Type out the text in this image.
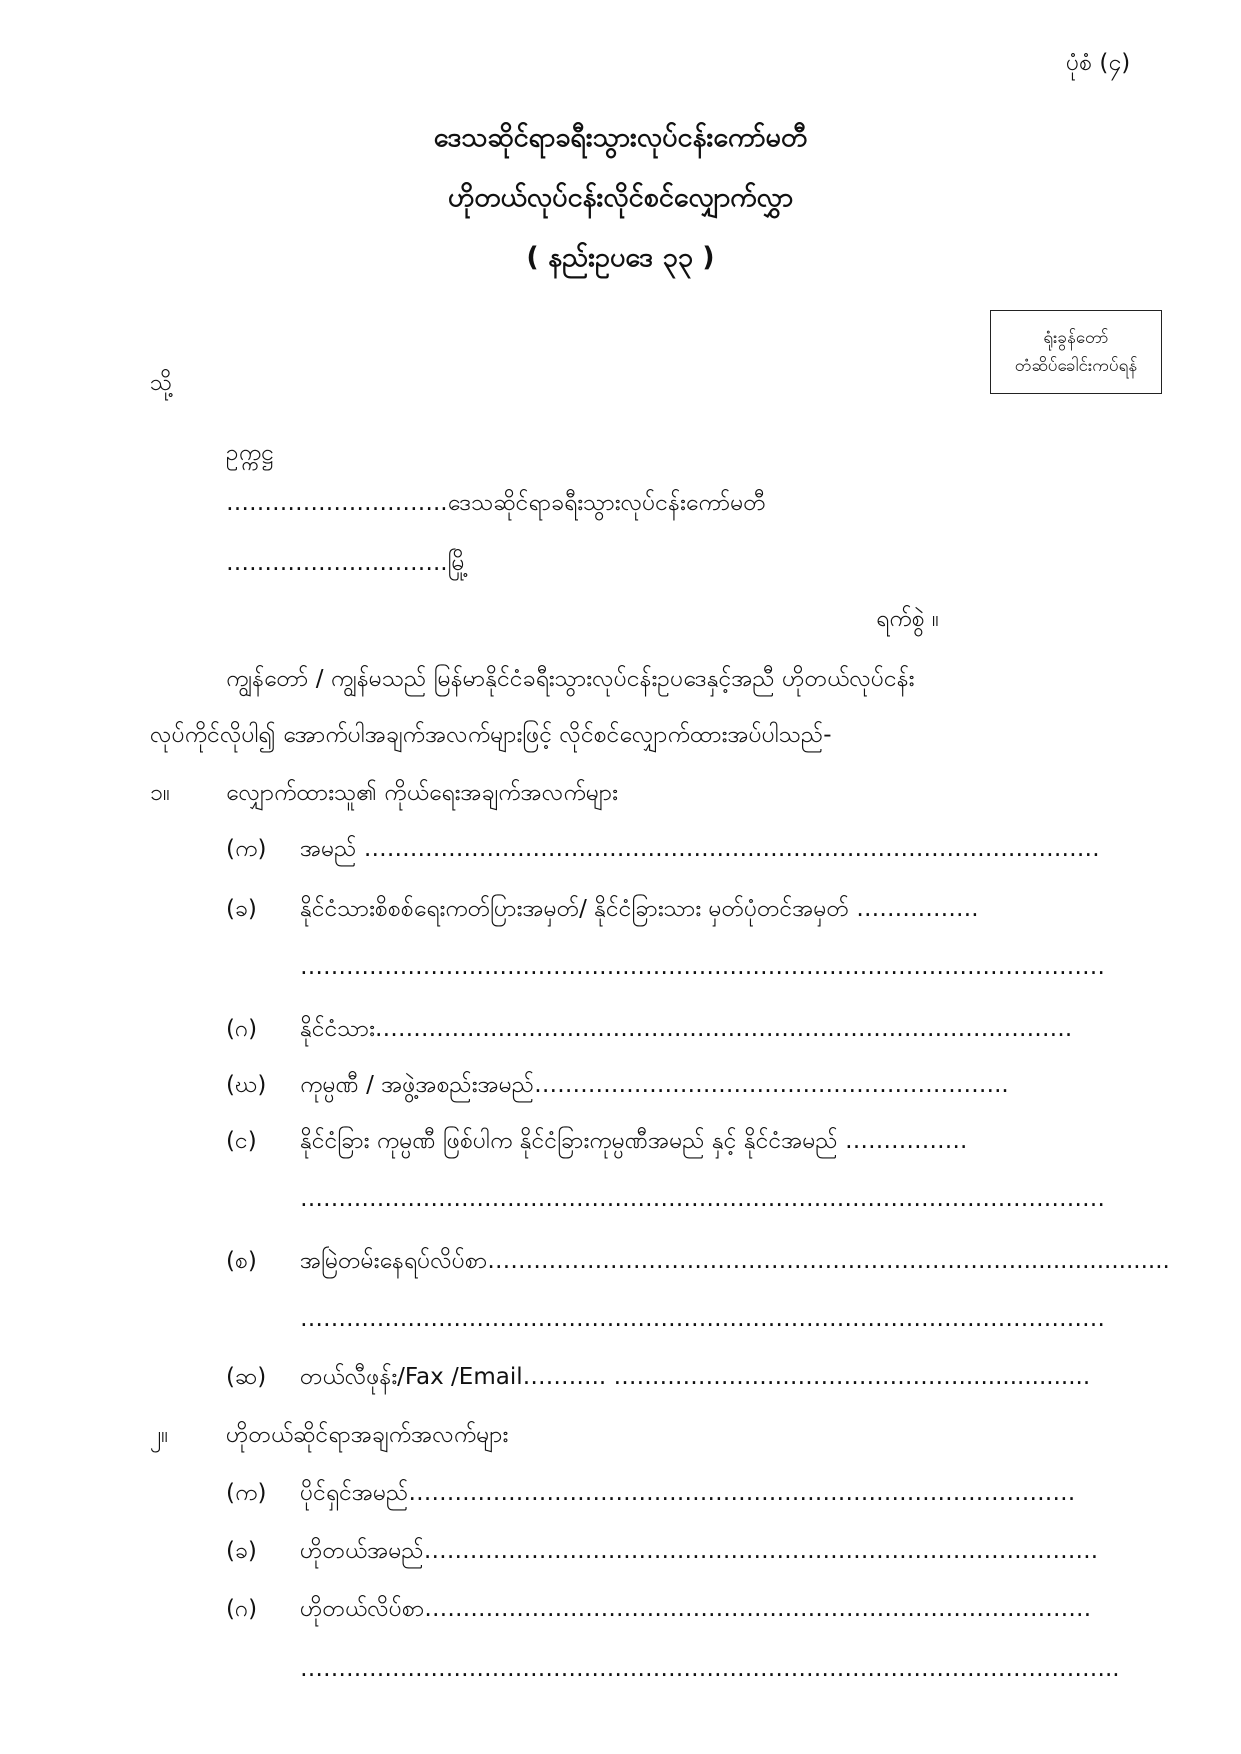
ပုံစံ (၄)
ဒေသဆိုင်ရာခရီးသွားလုပ်ငန်းကော်မတီ
ဟိုတယ်လုပ်ငန်းလိုင်စင်လျှောက်လွှာ
( နည်းဥပဒေ ၃၃ )
ရုံးခွန်တော်
တံဆိပ်ခေါင်းကပ်ရန်
သို့
ဥက္ကဋ္ဌ
………………………..ဒေသဆိုင်ရာခရီးသွားလုပ်ငန်းကော်မတီ
………………………..မြို့
ရက်စွဲ ။
ကျွန်တော် / ကျွန်မသည် မြန်မာနိုင်ငံခရီးသွားလုပ်ငန်းဥပဒေနှင့်အညီ ဟိုတယ်လုပ်ငန်း
လုပ်ကိုင်လိုပါ၍ အောက်ပါအချက်အလက်များဖြင့် လိုင်စင်လျှောက်ထားအပ်ပါသည်-
၁။ လျှောက်ထားသူ၏ ကိုယ်ရေးအချက်အလက်များ
(က) အမည် ……………………………………………………………………………………
(ခ) နိုင်ငံသားစိစစ်ရေးကတ်ပြားအမှတ်/ နိုင်ငံခြားသား မှတ်ပုံတင်အမှတ် …………….
……………………………………………………………………………………………
(ဂ) နိုင်ငံသား……………………………………………………………………………….
(ဃ) ကုမ္ပဏီ / အဖွဲ့အစည်းအမည်……………………………………………………..
(င) နိုင်ငံခြား ကုမ္ပဏီ ဖြစ်ပါက နိုင်ငံခြားကုမ္ပဏီအမည် နှင့် နိုင်ငံအမည် …………….
……………………………………………………………………………………………
(စ) အမြဲတမ်းနေရပ်လိပ်စာ…………………………………………………………….....................
……………………………………………………………………………………………
(ဆ) တယ်လီဖုန်း/Fax /Email……….. ………………………………………..................
၂။	ဟိုတယ်ဆိုင်ရာအချက်အလက်များ
(က) ပိုင်ရှင်အမည်……………………………………………………………………………
(ခ) ဟိုတယ်အမည်…………………………………………………………………………….
(ဂ) ဟိုတယ်လိပ်စာ……………………………………………………………………………
……………………………………………………………………………………………..
